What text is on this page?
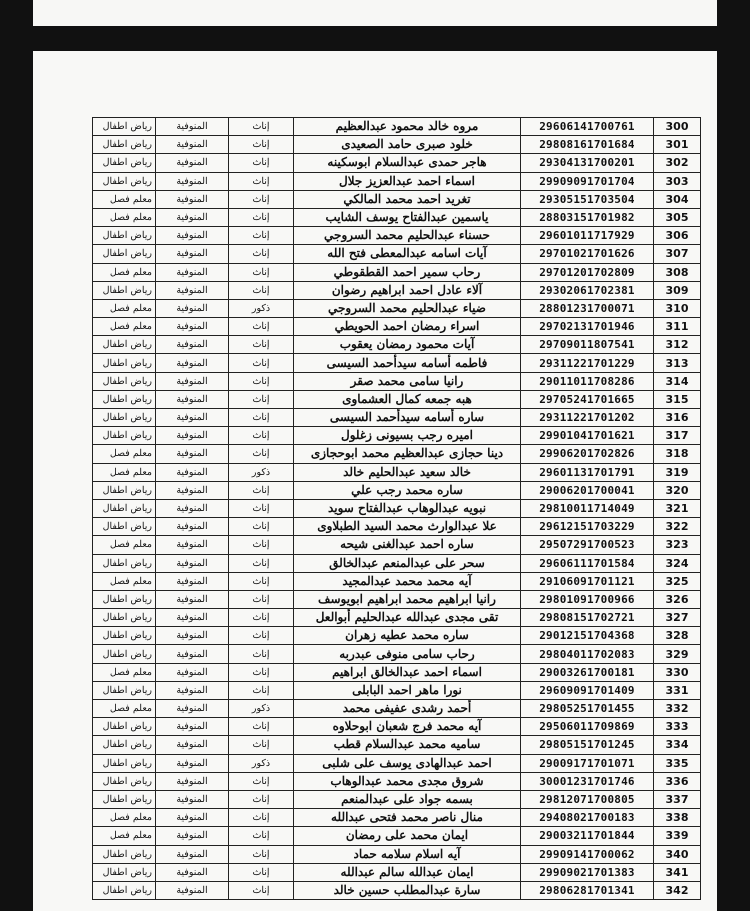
300	29606141700761	مروه خالد محمود عبدالعظيم	إناث	المنوفية	رياض اطفال
301	29808161701684	خلود صبرى حامد الصعيدى	إناث	المنوفية	رياض اطفال
302	29304131700201	هاجر حمدى عبدالسلام ابوسكينه	إناث	المنوفية	رياض اطفال
303	29909091701704	اسماء احمد عبدالعزيز جلال	إناث	المنوفية	رياض اطفال
304	29305151703504	تغريد احمد محمد المالكي	إناث	المنوفية	معلم فصل
305	28803151701982	ياسمين عبدالفتاح يوسف الشايب	إناث	المنوفية	معلم فصل
306	29601011717929	حسناء عبدالحليم محمد السروجي	إناث	المنوفية	رياض اطفال
307	29701021701626	آيات اسامه عبدالمعطى فتح الله	إناث	المنوفية	رياض اطفال
308	29701201702809	رحاب سمير احمد القطقوطي	إناث	المنوفية	معلم فصل
309	29302061702381	آلاء عادل احمد ابراهيم رضوان	إناث	المنوفية	رياض اطفال
310	28801231700071	ضياء عبدالحليم محمد السروجي	ذكور	المنوفية	معلم فصل
311	29702131701946	اسراء رمضان احمد الحويطي	إناث	المنوفية	معلم فصل
312	29709011807541	آيات محمود رمضان يعقوب	إناث	المنوفية	رياض اطفال
313	29311221701229	فاطمه أسامه سيدأحمد السيسى	إناث	المنوفية	رياض اطفال
314	29011011708286	رانيا سامى محمد صقر	إناث	المنوفية	رياض اطفال
315	29705241701665	هبه جمعه كمال العشماوى	إناث	المنوفية	رياض اطفال
316	29311221701202	ساره أسامه سيدأحمد السيسى	إناث	المنوفية	رياض اطفال
317	29901041701621	اميره رجب بسيونى زغلول	إناث	المنوفية	رياض اطفال
318	29906201702826	دينا حجازى عبدالعظيم محمد ابوحجازى	إناث	المنوفية	معلم فصل
319	29601131701791	خالد سعيد عبدالحليم خالد	ذكور	المنوفية	معلم فصل
320	29006201700041	ساره محمد رجب علي	إناث	المنوفية	رياض اطفال
321	29810011714049	نبويه عبدالوهاب عبدالفتاح سويد	إناث	المنوفية	رياض اطفال
322	29612151703229	علا عبدالوارث محمد السيد الطبلاوى	إناث	المنوفية	رياض اطفال
323	29507291700523	ساره احمد عبدالغنى شيحه	إناث	المنوفية	معلم فصل
324	29606111701584	سحر على عبدالمنعم عبدالخالق	إناث	المنوفية	رياض اطفال
325	29106091701121	آيه محمد محمد عبدالمجيد	إناث	المنوفية	معلم فصل
326	29801091700966	رانيا ابراهيم محمد ابراهيم ابويوسف	إناث	المنوفية	رياض اطفال
327	29808151702721	تقى مجدى عبدالله عبدالحليم أبوالعل	إناث	المنوفية	رياض اطفال
328	29012151704368	ساره محمد عطيه زهران	إناث	المنوفية	رياض اطفال
329	29804011702083	رحاب سامى منوفى عبدربه	إناث	المنوفية	رياض اطفال
330	29003261700181	اسماء احمد عبدالخالق ابراهيم	إناث	المنوفية	معلم فصل
331	29609091701409	نورا ماهر احمد البابلى	إناث	المنوفية	رياض اطفال
332	29805251701455	أحمد رشدى عفيفى محمد	ذكور	المنوفية	معلم فصل
333	29506011709869	آيه محمد فرج شعبان ابوحلاوه	إناث	المنوفية	رياض اطفال
334	29805151701245	ساميه محمد عبدالسلام قطب	إناث	المنوفية	رياض اطفال
335	29009171701071	احمد عبدالهادى يوسف على شلبى	ذكور	المنوفية	رياض اطفال
336	30001231701746	شروق مجدى محمد عبدالوهاب	إناث	المنوفية	رياض اطفال
337	29812071700805	بسمه جواد على عبدالمنعم	إناث	المنوفية	رياض اطفال
338	29408021700183	منال ناصر محمد فتحى عبدالله	إناث	المنوفية	معلم فصل
339	29003211701844	ايمان محمد على رمضان	إناث	المنوفية	معلم فصل
340	29909141700062	آيه اسلام سلامه حماد	إناث	المنوفية	رياض اطفال
341	29909021701383	ايمان عبدالله سالم عبدالله	إناث	المنوفية	رياض اطفال
342	29806281701341	سارة عبدالمطلب حسين خالد	إناث	المنوفية	رياض اطفال
